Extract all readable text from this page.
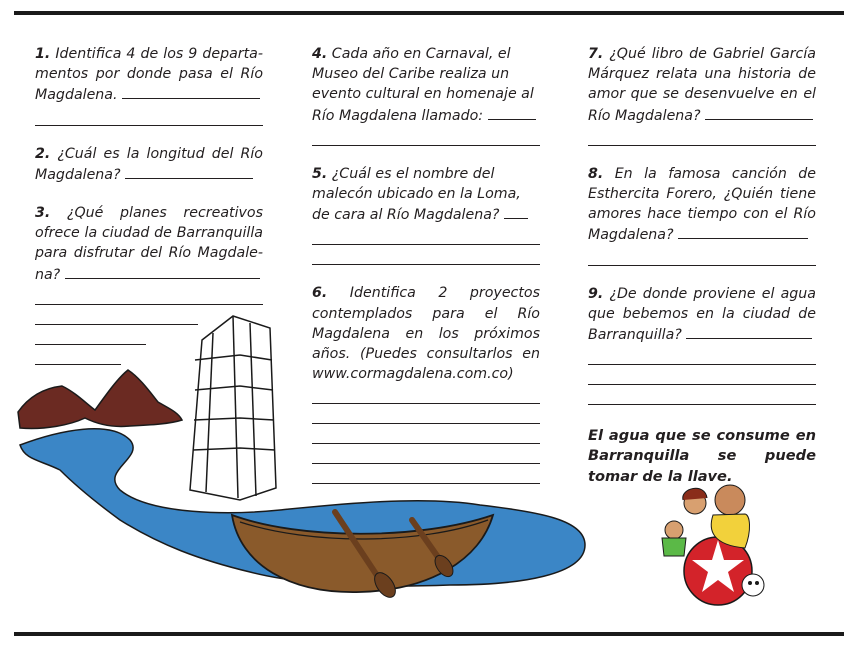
1. Identifica 4 de los 9 departa- mentos por donde pasa el Río Magdalena.

2. ¿Cuál es la longitud del Río Magdalena?

3. ¿Qué planes recreativos ofrece la ciudad de Barranquilla para disfrutar del Río Magdale- na?

4. Cada año en Carnaval, el Museo del Caribe realiza un evento cultural en homenaje al Río Magdalena llamado:

5. ¿Cuál es el nombre del malecón ubicado en la Loma, de cara al Río Magdalena?

6. Identifica 2 proyectos contemplados para el Río Magdalena en los próximos años. (Puedes consultarlos en www.cormagdalena.com.co)

7. ¿Qué libro de Gabriel García Márquez relata una historia de amor que se desenvuelve en el Río Magdalena?

8. En la famosa canción de Esthercita Forero, ¿Quién tiene amores hace tiempo con el Río Magdalena?

9. ¿De donde proviene el agua que bebemos en la ciudad de Barranquilla?

El agua que se consume en Barranquilla se puede tomar de la llave.
